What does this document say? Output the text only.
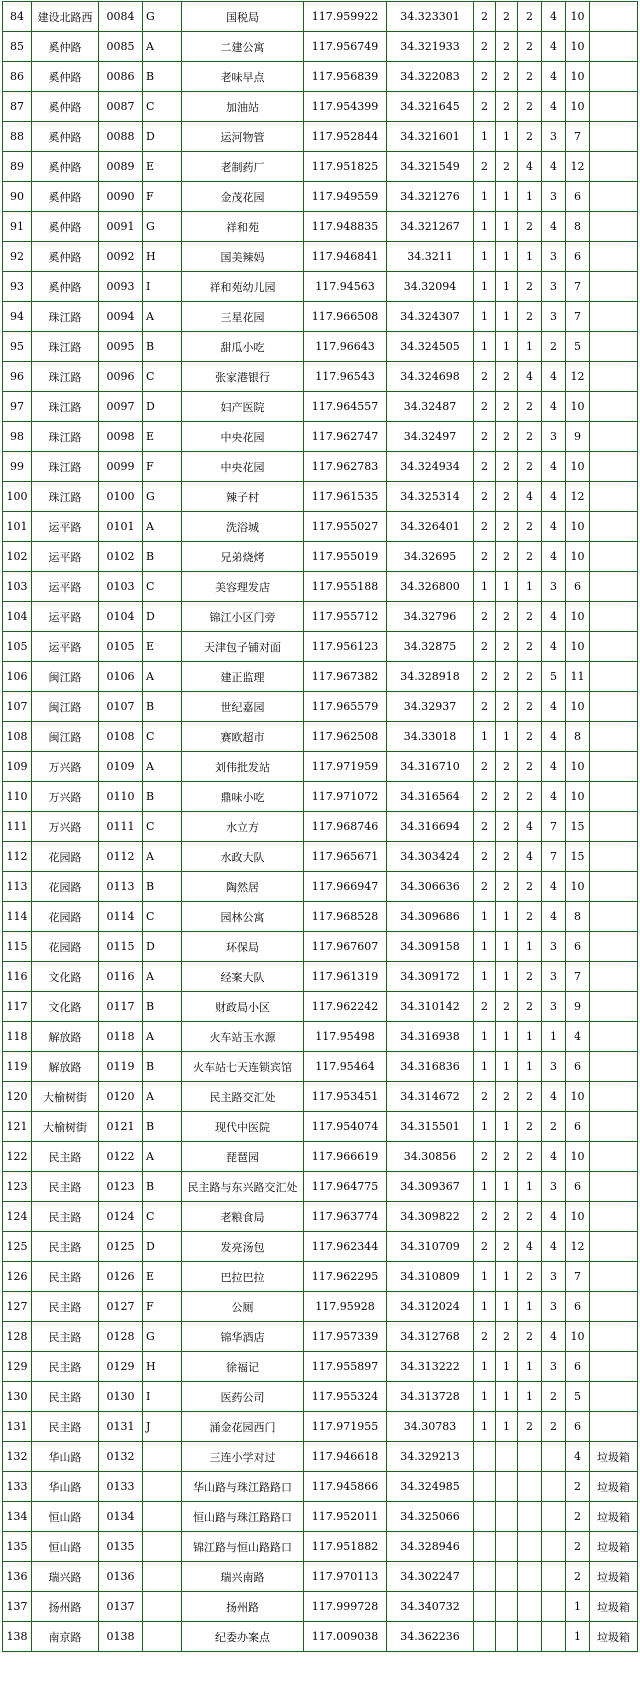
84	建设北路西	0084	G	国税局	117.959922	34.323301	2	2	2	4	10	
85	奚仲路	0085	A	二建公寓	117.956749	34.321933	2	2	2	4	10	
86	奚仲路	0086	B	老味早点	117.956839	34.322083	2	2	2	4	10	
87	奚仲路	0087	C	加油站	117.954399	34.321645	2	2	2	4	10	
88	奚仲路	0088	D	运河物管	117.952844	34.321601	1	1	2	3	7	
89	奚仲路	0089	E	老制药厂	117.951825	34.321549	2	2	4	4	12	
90	奚仲路	0090	F	金茂花园	117.949559	34.321276	1	1	1	3	6	
91	奚仲路	0091	G	祥和苑	117.948835	34.321267	1	1	2	4	8	
92	奚仲路	0092	H	国美辣妈	117.946841	34.3211	1	1	1	3	6	
93	奚仲路	0093	I	祥和苑幼儿园	117.94563	34.32094	1	1	2	3	7	
94	珠江路	0094	A	三星花园	117.966508	34.324307	1	1	2	3	7	
95	珠江路	0095	B	甜瓜小吃	117.96643	34.324505	1	1	1	2	5	
96	珠江路	0096	C	张家港银行	117.96543	34.324698	2	2	4	4	12	
97	珠江路	0097	D	妇产医院	117.964557	34.32487	2	2	2	4	10	
98	珠江路	0098	E	中央花园	117.962747	34.32497	2	2	2	3	9	
99	珠江路	0099	F	中央花园	117.962783	34.324934	2	2	2	4	10	
100	珠江路	0100	G	辣子村	117.961535	34.325314	2	2	4	4	12	
101	运平路	0101	A	洗浴城	117.955027	34.326401	2	2	2	4	10	
102	运平路	0102	B	兄弟烧烤	117.955019	34.32695	2	2	2	4	10	
103	运平路	0103	C	美容理发店	117.955188	34.326800	1	1	1	3	6	
104	运平路	0104	D	锦江小区门旁	117.955712	34.32796	2	2	2	4	10	
105	运平路	0105	E	天津包子铺对面	117.956123	34.32875	2	2	2	4	10	
106	闽江路	0106	A	建正监理	117.967382	34.328918	2	2	2	5	11	
107	闽江路	0107	B	世纪嘉园	117.965579	34.32937	2	2	2	4	10	
108	闽江路	0108	C	赛欧超市	117.962508	34.33018	1	1	2	4	8	
109	万兴路	0109	A	刘伟批发站	117.971959	34.316710	2	2	2	4	10	
110	万兴路	0110	B	鼎味小吃	117.971072	34.316564	2	2	2	4	10	
111	万兴路	0111	C	水立方	117.968746	34.316694	2	2	4	7	15	
112	花园路	0112	A	水政大队	117.965671	34.303424	2	2	4	7	15	
113	花园路	0113	B	陶然居	117.966947	34.306636	2	2	2	4	10	
114	花园路	0114	C	园林公寓	117.968528	34.309686	1	1	2	4	8	
115	花园路	0115	D	环保局	117.967607	34.309158	1	1	1	3	6	
116	文化路	0116	A	经案大队	117.961319	34.309172	1	1	2	3	7	
117	文化路	0117	B	财政局小区	117.962242	34.310142	2	2	2	3	9	
118	解放路	0118	A	火车站玉水源	117.95498	34.316938	1	1	1	1	4	
119	解放路	0119	B	火车站七天连锁宾馆	117.95464	34.316836	1	1	1	3	6	
120	大榆树街	0120	A	民主路交汇处	117.953451	34.314672	2	2	2	4	10	
121	大榆树街	0121	B	现代中医院	117.954074	34.315501	1	1	2	2	6	
122	民主路	0122	A	琵琶园	117.966619	34.30856	2	2	2	4	10	
123	民主路	0123	B	民主路与东兴路交汇处	117.964775	34.309367	1	1	1	3	6	
124	民主路	0124	C	老粮食局	117.963774	34.309822	2	2	2	4	10	
125	民主路	0125	D	发亮汤包	117.962344	34.310709	2	2	4	4	12	
126	民主路	0126	E	巴拉巴拉	117.962295	34.310809	1	1	2	3	7	
127	民主路	0127	F	公厕	117.95928	34.312024	1	1	1	3	6	
128	民主路	0128	G	锦华酒店	117.957339	34.312768	2	2	2	4	10	
129	民主路	0129	H	徐福记	117.955897	34.313222	1	1	1	3	6	
130	民主路	0130	I	医药公司	117.955324	34.313728	1	1	1	2	5	
131	民主路	0131	J	涌金花园西门	117.971955	34.30783	1	1	2	2	6	
132	华山路	0132		三连小学对过	117.946618	34.329213					4	垃圾箱
133	华山路	0133		华山路与珠江路路口	117.945866	34.324985					2	垃圾箱
134	恒山路	0134		恒山路与珠江路路口	117.952011	34.325066					2	垃圾箱
135	恒山路	0135		锦江路与恒山路路口	117.951882	34.328946					2	垃圾箱
136	瑞兴路	0136		瑞兴南路	117.970113	34.302247					2	垃圾箱
137	扬州路	0137		扬州路	117.999728	34.340732					1	垃圾箱
138	南京路	0138		纪委办案点	117.009038	34.362236					1	垃圾箱
